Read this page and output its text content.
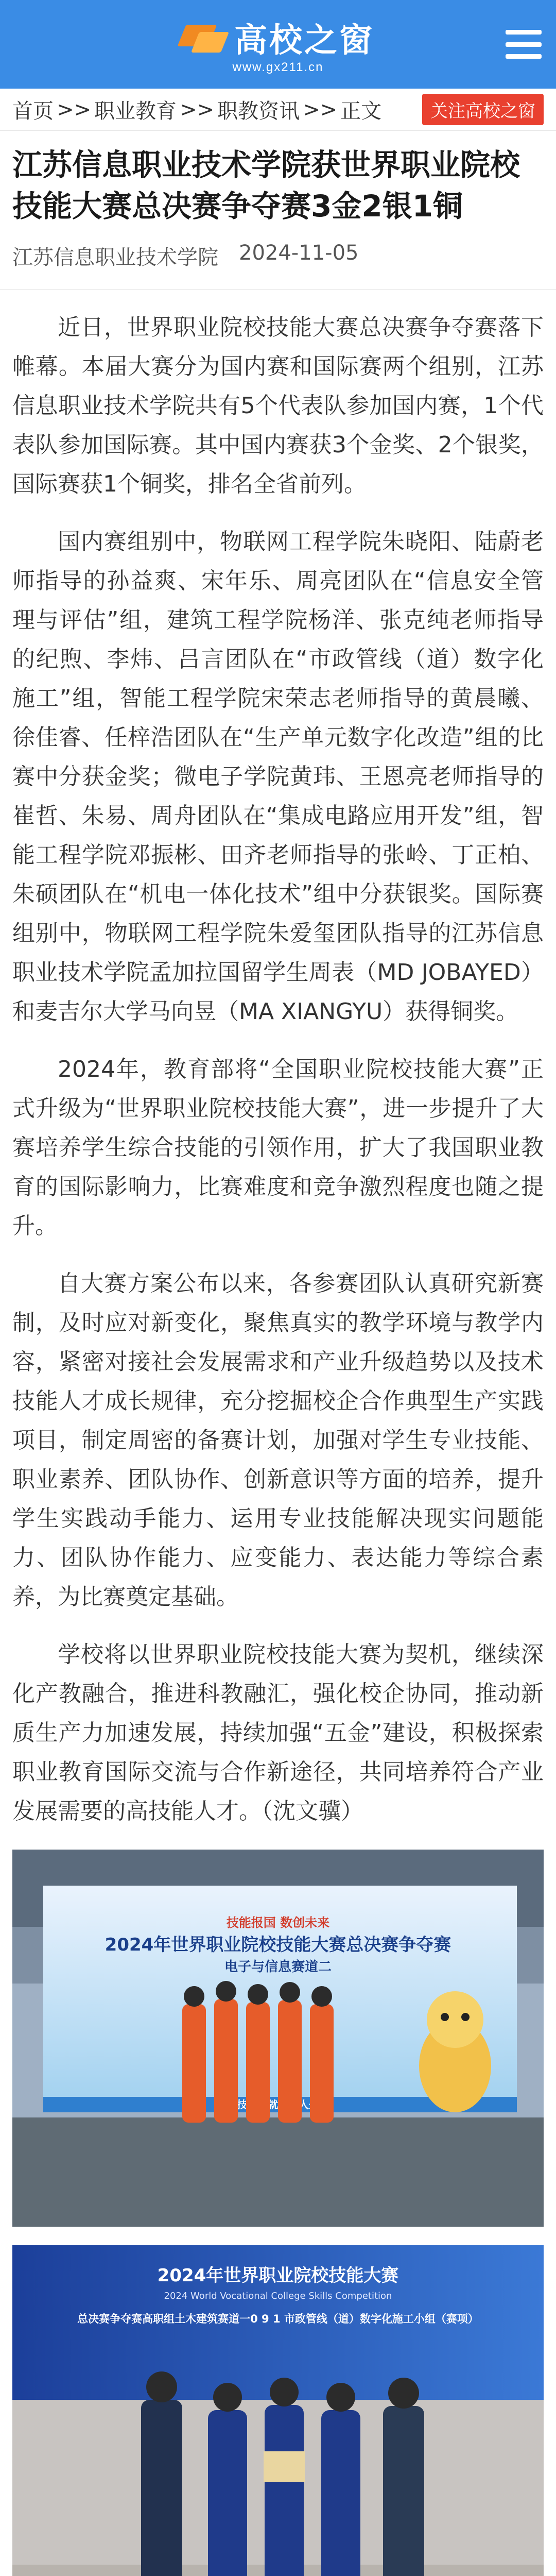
高校之窗
www.gx211.cn
首页 >> 职业教育 >> 职教资讯 >> 正文	关注高校之窗
江苏信息职业技术学院获世界职业院校技能大赛总决赛争夺赛3金2银1铜
江苏信息职业技术学院 2024-11-05

近日，世界职业院校技能大赛总决赛争夺赛落下帷幕。本届大赛分为国内赛和国际赛两个组别，江苏信息职业技术学院共有5个代表队参加国内赛，1个代表队参加国际赛。其中国内赛获3个金奖、2个银奖，国际赛获1个铜奖，排名全省前列。

国内赛组别中，物联网工程学院朱晓阳、陆蔚老师指导的孙益爽、宋年乐、周亮团队在“信息安全管理与评估”组，建筑工程学院杨洋、张克纯老师指导的纪煦、李炜、吕言团队在“市政管线（道）数字化施工”组，智能工程学院宋荣志老师指导的黄晨曦、徐佳睿、任梓浩团队在“生产单元数字化改造”组的比赛中分获金奖；微电子学院黄玮、王恩亮老师指导的崔哲、朱易、周舟团队在“集成电路应用开发”组，智能工程学院邓振彬、田齐老师指导的张岭、丁正柏、朱硕团队在“机电一体化技术”组中分获银奖。国际赛组别中，物联网工程学院朱爱玺团队指导的江苏信息职业技术学院孟加拉国留学生周表（MD JOBAYED）和麦吉尔大学马向昱（MA XIANGYU）获得铜奖。

2024年，教育部将“全国职业院校技能大赛”正式升级为“世界职业院校技能大赛”，进一步提升了大赛培养学生综合技能的引领作用，扩大了我国职业教育的国际影响力，比赛难度和竞争激烈程度也随之提升。

自大赛方案公布以来，各参赛团队认真研究新赛制，及时应对新变化，聚焦真实的教学环境与教学内容，紧密对接社会发展需求和产业升级趋势以及技术技能人才成长规律，充分挖掘校企合作典型生产实践项目，制定周密的备赛计划，加强对学生专业技能、职业素养、团队协作、创新意识等方面的培养，提升学生实践动手能力、运用专业技能解决现实问题能力、团队协作能力、应变能力、表达能力等综合素养，为比赛奠定基础。

学校将以世界职业院校技能大赛为契机，继续深化产教融合，推进科教融汇，强化校企协同，推动新质生产力加速发展，持续加强“五金”建设，积极探索职业教育国际交流与合作新途径，共同培养符合产业发展需要的高技能人才。（沈文骥）

技能报国 数创未来
2024年世界职业院校技能大赛总决赛争夺赛
电子与信息赛道二
2024年世界职业院校技能大赛
2024 World Vocational College Skills Competition
总决赛争夺赛高职组土木建筑赛道一0 9 1 市政管线（道）数字化施工小组（赛项）
